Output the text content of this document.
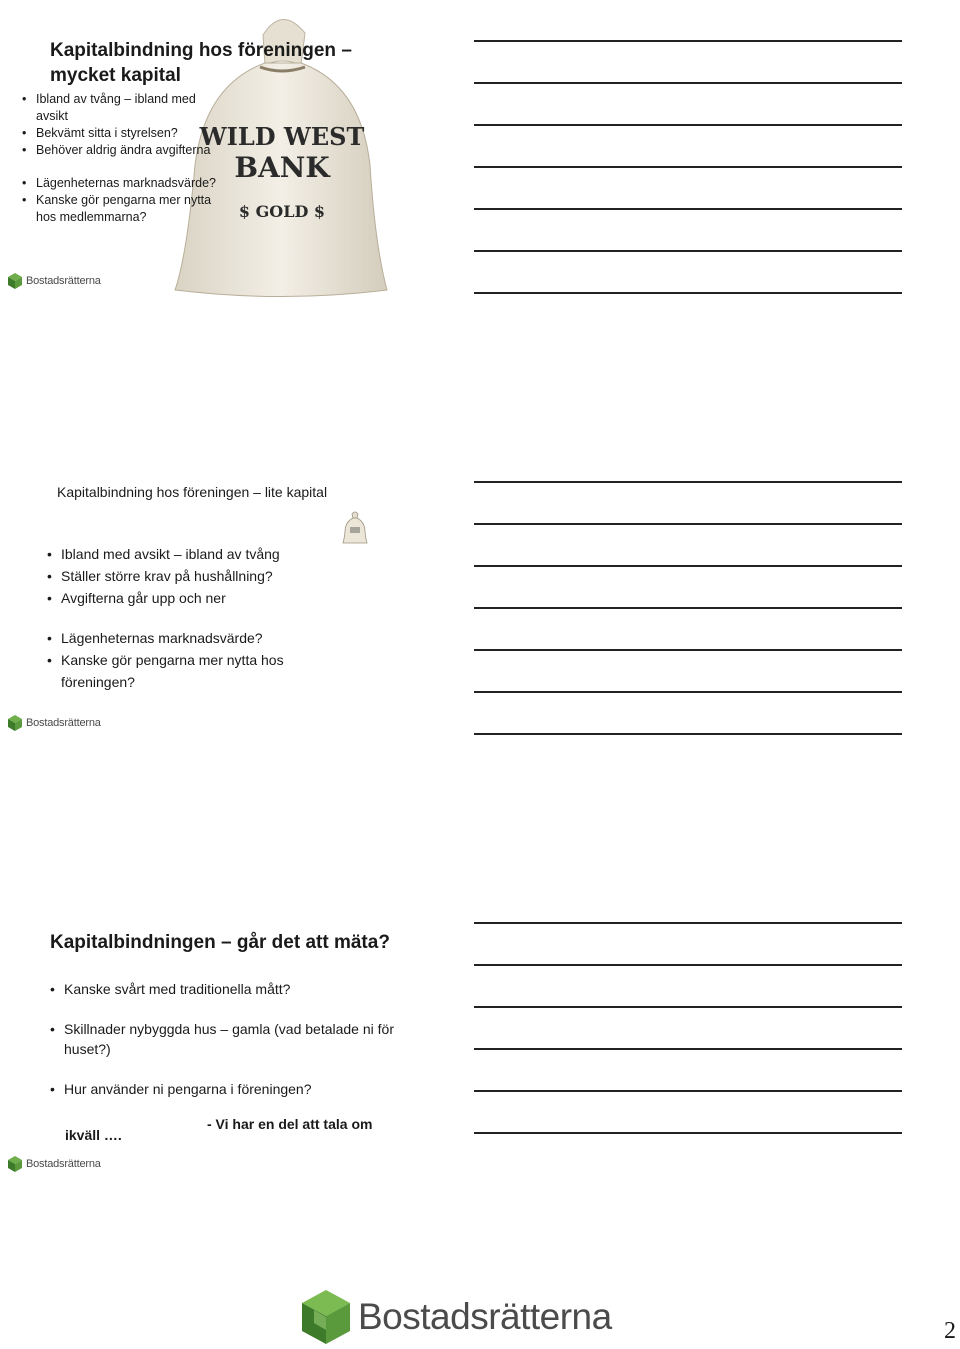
WILD WEST
BANK
$ GOLD $
Kapitalbindning hos föreningen – mycket kapital
• Ibland av tvång – ibland med avsikt
• Bekvämt sitta i styrelsen?
• Behöver aldrig ändra avgifterna
• Lägenheternas marknadsvärde?
• Kanske gör pengarna mer nytta hos medlemmarna?
Bostadsrätterna
Kapitalbindning hos föreningen – lite kapital
• Ibland med avsikt – ibland av tvång
• Ställer större krav på hushållning?
• Avgifterna går upp och ner
• Lägenheternas marknadsvärde?
• Kanske gör pengarna mer nytta hos föreningen?
Bostadsrätterna
Kapitalbindningen – går det att mäta?
• Kanske svårt med traditionella mått?
• Skillnader nybyggda hus – gamla (vad betalade ni för huset?)
• Hur använder ni pengarna i föreningen?
- Vi har en del att tala om
ikväll ….
Bostadsrätterna
Bostadsrätterna	2
